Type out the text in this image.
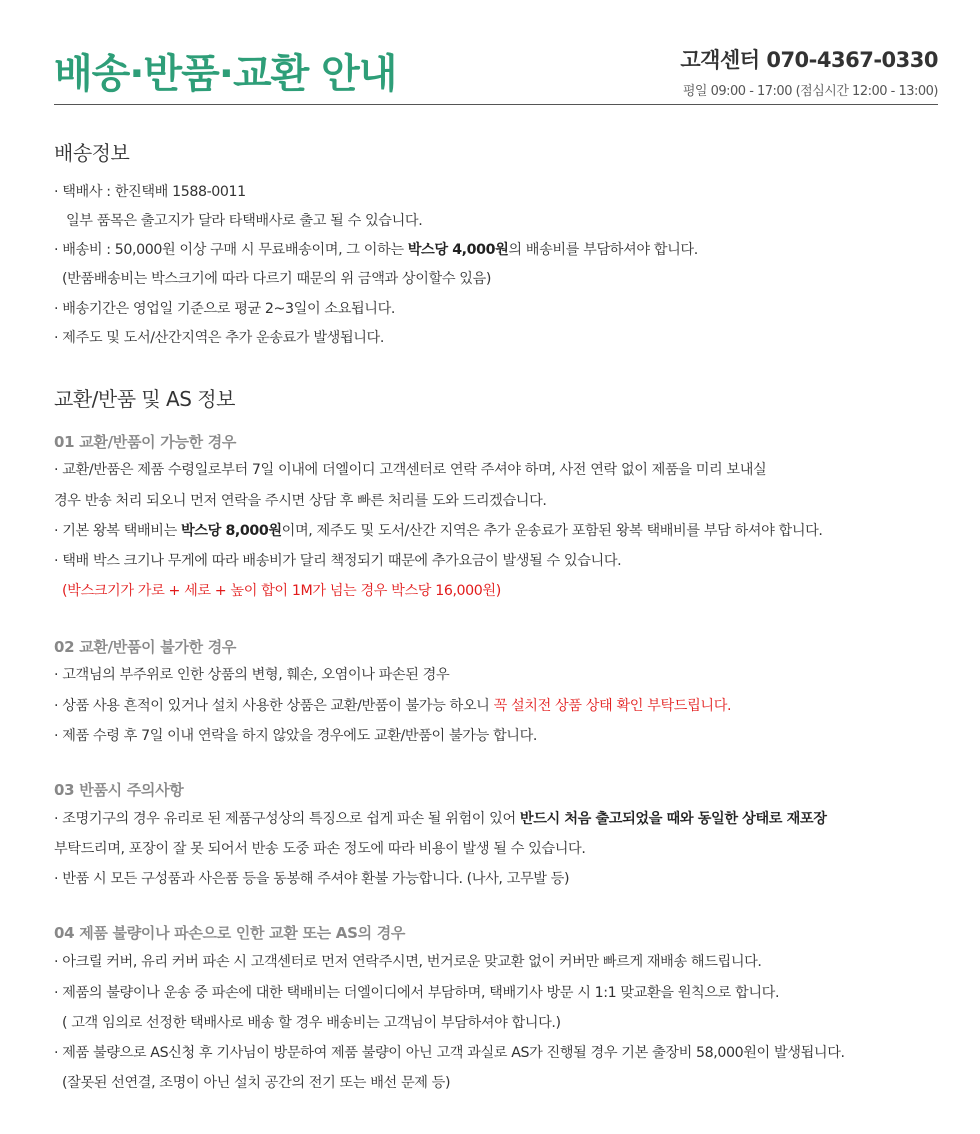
배송·반품·교환 안내	고객센터 070-4367-0330
평일 09:00 - 17:00 (점심시간 12:00 - 13:00)
배송정보
· 택배사 : 한진택배 1588-0011
일부 품목은 출고지가 달라 타택배사로 출고 될 수 있습니다.
· 배송비 : 50,000원 이상 구매 시 무료배송이며, 그 이하는 박스당 4,000원의 배송비를 부담하셔야 합니다.
(반품배송비는 박스크기에 따라 다르기 때문의 위 금액과 상이할수 있음)
· 배송기간은 영업일 기준으로 평균 2~3일이 소요됩니다.
· 제주도 및 도서/산간지역은 추가 운송료가 발생됩니다.
교환/반품 및 AS 정보
01 교환/반품이 가능한 경우
· 교환/반품은 제품 수령일로부터 7일 이내에 더엘이디 고객센터로 연락 주셔야 하며, 사전 연락 없이 제품을 미리 보내실
경우 반송 처리 되오니 먼저 연락을 주시면 상담 후 빠른 처리를 도와 드리겠습니다.
· 기본 왕복 택배비는 박스당 8,000원이며, 제주도 및 도서/산간 지역은 추가 운송료가 포함된 왕복 택배비를 부담 하셔야 합니다.
· 택배 박스 크기나 무게에 따라 배송비가 달리 책정되기 때문에 추가요금이 발생될 수 있습니다.
(박스크기가 가로 + 세로 + 높이 합이 1M가 넘는 경우 박스당 16,000원)
02 교환/반품이 불가한 경우
· 고객님의 부주위로 인한 상품의 변형, 훼손, 오염이나 파손된 경우
· 상품 사용 흔적이 있거나 설치 사용한 상품은 교환/반품이 불가능 하오니 꼭 설치전 상품 상태 확인 부탁드립니다.
· 제품 수령 후 7일 이내 연락을 하지 않았을 경우에도 교환/반품이 불가능 합니다.
03 반품시 주의사항
· 조명기구의 경우 유리로 된 제품구성상의 특징으로 쉽게 파손 될 위험이 있어 반드시 처음 출고되었을 때와 동일한 상태로 재포장
부탁드리며, 포장이 잘 못 되어서 반송 도중 파손 정도에 따라 비용이 발생 될 수 있습니다.
· 반품 시 모든 구성품과 사은품 등을 동봉해 주셔야 환불 가능합니다. (나사, 고무발 등)
04 제품 불량이나 파손으로 인한 교환 또는 AS의 경우
· 아크릴 커버, 유리 커버 파손 시 고객센터로 먼저 연락주시면, 번거로운 맞교환 없이 커버만 빠르게 재배송 해드립니다.
· 제품의 불량이나 운송 중 파손에 대한 택배비는 더엘이디에서 부담하며, 택배기사 방문 시 1:1 맞교환을 원칙으로 합니다.
( 고객 임의로 선정한 택배사로 배송 할 경우 배송비는 고객님이 부담하셔야 합니다.)
· 제품 불량으로 AS신청 후 기사님이 방문하여 제품 불량이 아닌 고객 과실로 AS가 진행될 경우 기본 출장비 58,000원이 발생됩니다.
(잘못된 선연결, 조명이 아닌 설치 공간의 전기 또는 배선 문제 등)
